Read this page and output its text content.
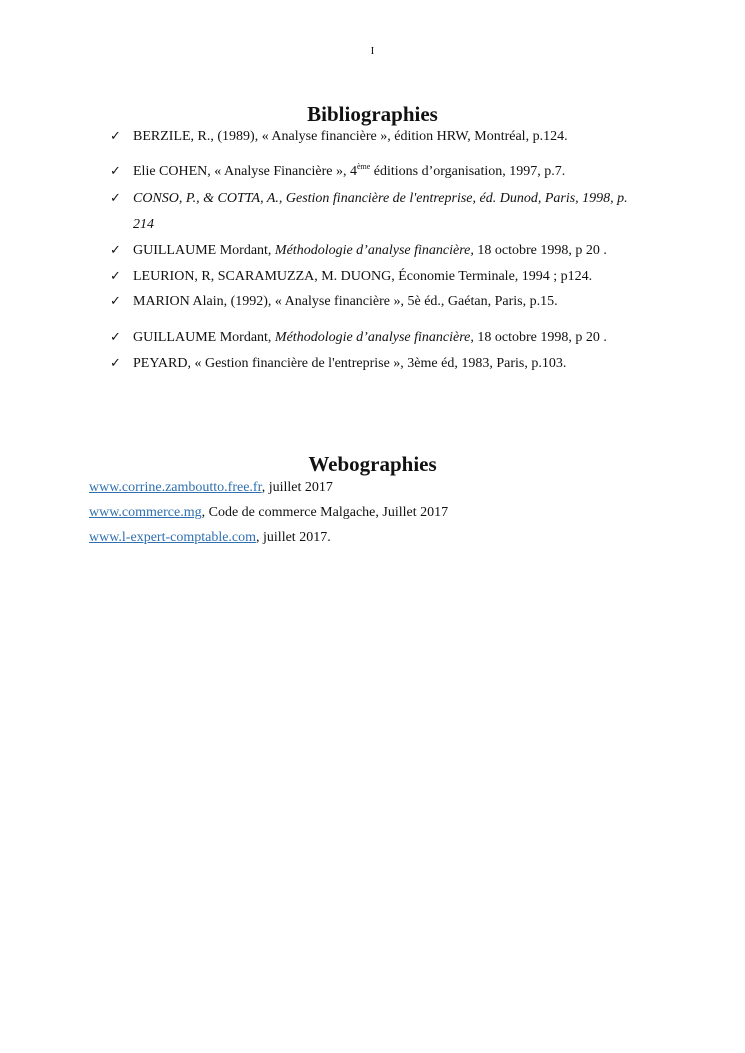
I
Bibliographies
✓ BERZILE, R., (1989), « Analyse financière », édition HRW, Montréal, p.124.
✓ Elie COHEN, « Analyse Financière », 4ème éditions d’organisation, 1997, p.7.
✓ CONSO, P., & COTTA, A., Gestion financière de l'entreprise, éd. Dunod, Paris, 1998, p.
214
✓ GUILLAUME Mordant, Méthodologie d’analyse financière, 18 octobre 1998, p 20 .
✓ LEURION, R, SCARAMUZZA, M. DUONG, Économie Terminale, 1994 ; p124.
✓ MARION Alain, (1992), « Analyse financière », 5è éd., Gaétan, Paris, p.15.
✓ GUILLAUME Mordant, Méthodologie d’analyse financière, 18 octobre 1998, p 20 .
✓ PEYARD, « Gestion financière de l'entreprise », 3ème éd, 1983, Paris, p.103.
Webographies
www.corrine.zamboutto.free.fr, juillet 2017
www.commerce.mg, Code de commerce Malgache, Juillet 2017
www.l-expert-comptable.com, juillet 2017.
